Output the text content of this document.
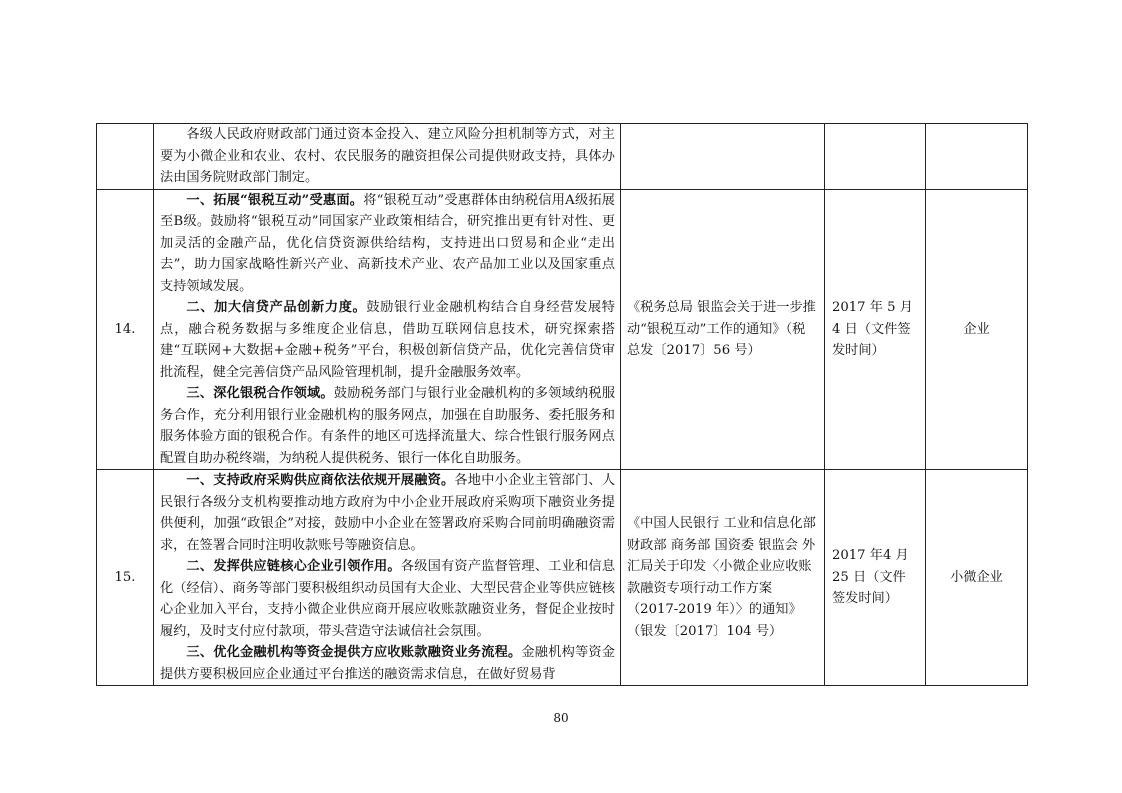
	各级人民政府财政部门通过资本金投入、建立风险分担机制等方式，对主要为小微企业和农业、农村、农民服务的融资担保公司提供财政支持，具体办法由国务院财政部门制定。			

14.	一、拓展“银税互动”受惠面。将“银税互动”受惠群体由纳税信用A级拓展至B级。鼓励将“银税互动”同国家产业政策相结合，研究推出更有针对性、更加灵活的金融产品，优化信贷资源供给结构，支持进出口贸易和企业“走出去”，助力国家战略性新兴产业、高新技术产业、农产品加工业以及国家重点支持领域发展。

二、加大信贷产品创新力度。鼓励银行业金融机构结合自身经营发展特点，融合税务数据与多维度企业信息，借助互联网信息技术，研究探索搭建“互联网+大数据+金融+税务”平台，积极创新信贷产品，优化完善信贷审批流程，健全完善信贷产品风险管理机制，提升金融服务效率。

三、深化银税合作领域。鼓励税务部门与银行业金融机构的多领域纳税服务合作，充分利用银行业金融机构的服务网点，加强在自助服务、委托服务和服务体验方面的银税合作。有条件的地区可选择流量大、综合性银行服务网点配置自助办税终端，为纳税人提供税务、银行一体化自助服务。	《税务总局 银监会关于进一步推动“银税互动”工作的通知》（税总发〔2017〕56 号）	2017 年 5 月 4 日（文件签发时间）	企业
15.	一、支持政府采购供应商依法依规开展融资。各地中小企业主管部门、人民银行各级分支机构要推动地方政府为中小企业开展政府采购项下融资业务提供便利，加强“政银企”对接，鼓励中小企业在签署政府采购合同前明确融资需求，在签署合同时注明收款账号等融资信息。

二、发挥供应链核心企业引领作用。各级国有资产监督管理、工业和信息化（经信）、商务等部门要积极组织动员国有大企业、大型民营企业等供应链核心企业加入平台，支持小微企业供应商开展应收账款融资业务，督促企业按时履约，及时支付应付款项，带头营造守法诚信社会氛围。

三、优化金融机构等资金提供方应收账款融资业务流程。金融机构等资金提供方要积极回应企业通过平台推送的融资需求信息，在做好贸易背	《中国人民银行 工业和信息化部 财政部 商务部 国资委 银监会 外汇局关于印发〈小微企业应收账款融资专项行动工作方案（2017-2019 年）〉的通知》（银发〔2017〕104 号）	2017 年4 月25 日（文件签发时间）	小微企业
80
